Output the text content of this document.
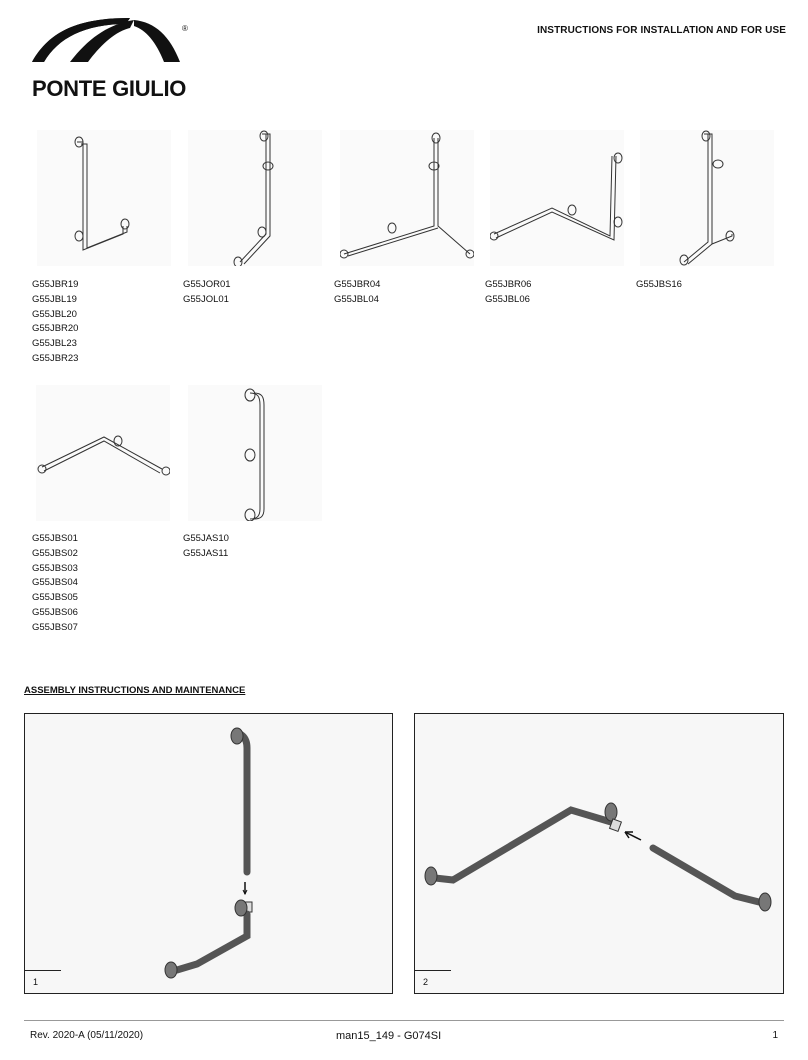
®
PONTE GIULIO
INSTRUCTIONS FOR INSTALLATION AND FOR USE
G55JBR19
G55JBL19
G55JBL20
G55JBR20
G55JBL23
G55JBR23
G55JOR01
G55JOL01
G55JBR04
G55JBL04
G55JBR06
G55JBL06
G55JBS16
G55JBS01
G55JBS02
G55JBS03
G55JBS04
G55JBS05
G55JBS06
G55JBS07
G55JAS10
G55JAS11
ASSEMBLY INSTRUCTIONS AND MAINTENANCE
1	2
Rev. 2020-A (05/11/2020)	man15_149 - G074SI	1
